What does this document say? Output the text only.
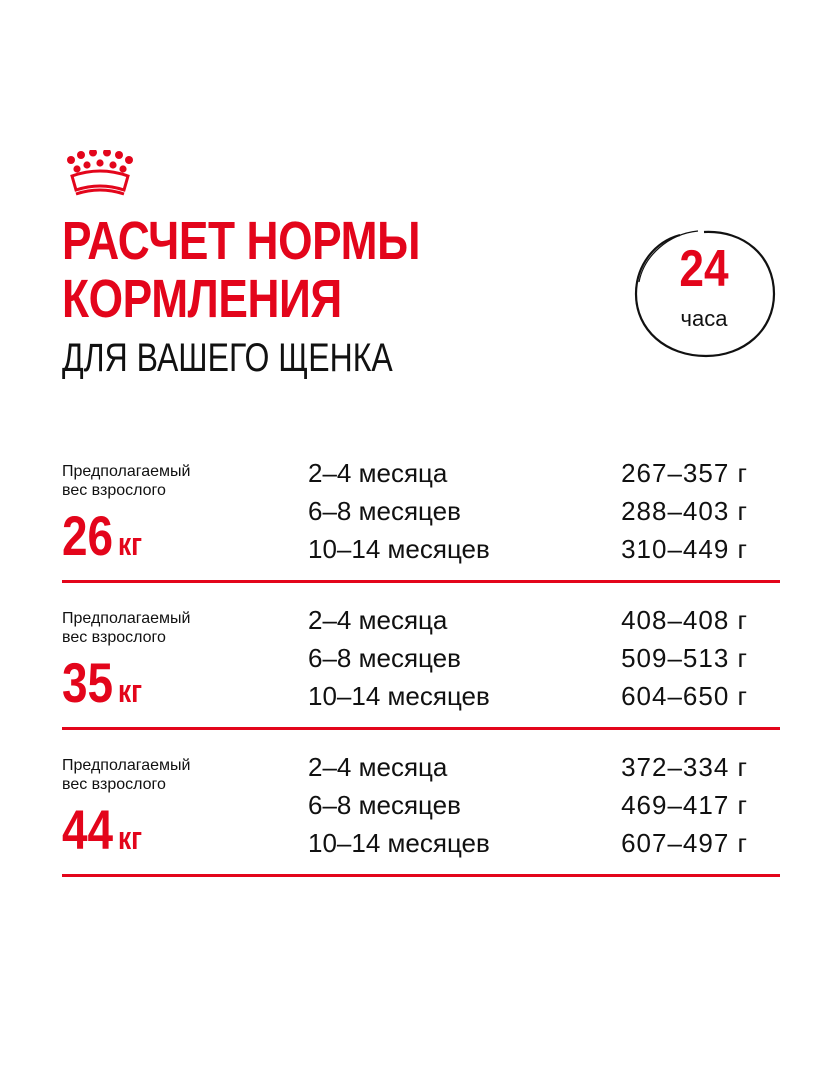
РАСЧЕТ НОРМЫ
КОРМЛЕНИЯ
ДЛЯ ВАШЕГО ЩЕНКА
24
часа
Предполагаемый
вес взрослого
26 кг
2–4 месяца	267–357 г
6–8 месяцев	288–403 г
10–14 месяцев	310–449 г
Предполагаемый
вес взрослого
35 кг
2–4 месяца	408–408 г
6–8 месяцев	509–513 г
10–14 месяцев	604–650 г
Предполагаемый
вес взрослого
44 кг
2–4 месяца	372–334 г
6–8 месяцев	469–417 г
10–14 месяцев	607–497 г
